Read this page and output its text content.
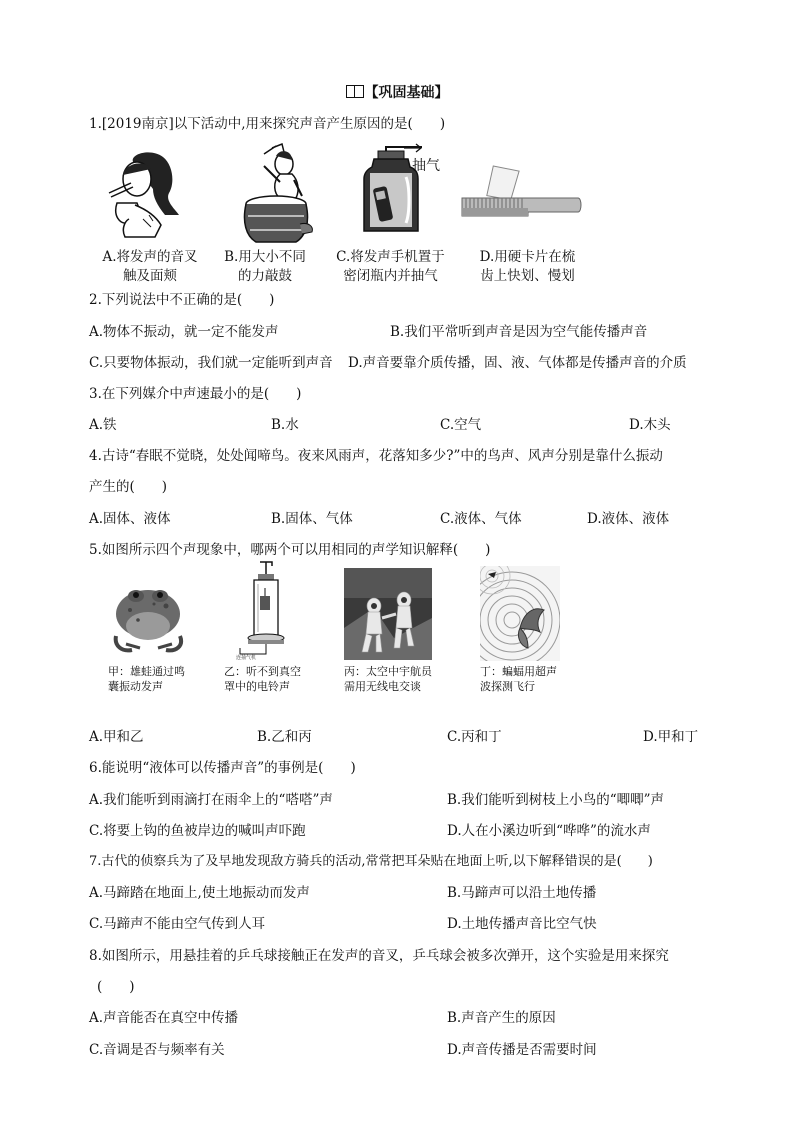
【巩固基础】
1.[2019南京]以下活动中,用来探究声音产生原因的是(　　)
抽气
A.将发声的音叉
触及面颊
B.用大小不同
的力敲鼓
C.将发声手机置于
密闭瓶内并抽气
D.用硬卡片在梳
齿上快划、慢划
2.下列说法中不正确的是(　　)
A.物体不振动，就一定不能发声	B.我们平常听到声音是因为空气能传播声音
C.只要物体振动，我们就一定能听到声音 D.声音要靠介质传播，固、液、气体都是传播声音的介质
3.在下列媒介中声速最小的是(　　)
A.铁	B.水	C.空气	D.木头
4.古诗“春眠不觉晓，处处闻啼鸟。夜来风雨声，花落知多少?”中的鸟声、风声分别是靠什么振动
产生的(　　)
A.固体、液体	B.固体、气体	C.液体、气体	D.液体、液体
5.如图所示四个声现象中，哪两个可以用相同的声学知识解释(　　)
连抽气机
甲：雄蛙通过鸣
囊振动发声
乙：听不到真空
罩中的电铃声
丙：太空中宇航员
需用无线电交谈
丁：蝙蝠用超声
波探测飞行
A.甲和乙	B.乙和丙	C.丙和丁	D.甲和丁
6.能说明“液体可以传播声音”的事例是(　　)
A.我们能听到雨滴打在雨伞上的“嗒嗒”声	B.我们能听到树枝上小鸟的“唧唧”声
C.将要上钩的鱼被岸边的喊叫声吓跑	D.人在小溪边听到“哗哗”的流水声
7.古代的侦察兵为了及早地发现敌方骑兵的活动,常常把耳朵贴在地面上听,以下解释错误的是(　　)
A.马蹄踏在地面上,使土地振动而发声	B.马蹄声可以沿土地传播
C.马蹄声不能由空气传到人耳	D.土地传播声音比空气快
8.如图所示，用悬挂着的乒乓球接触正在发声的音叉，乒乓球会被多次弹开，这个实验是用来探究
(　　)
A.声音能否在真空中传播	B.声音产生的原因
C.音调是否与频率有关	D.声音传播是否需要时间
